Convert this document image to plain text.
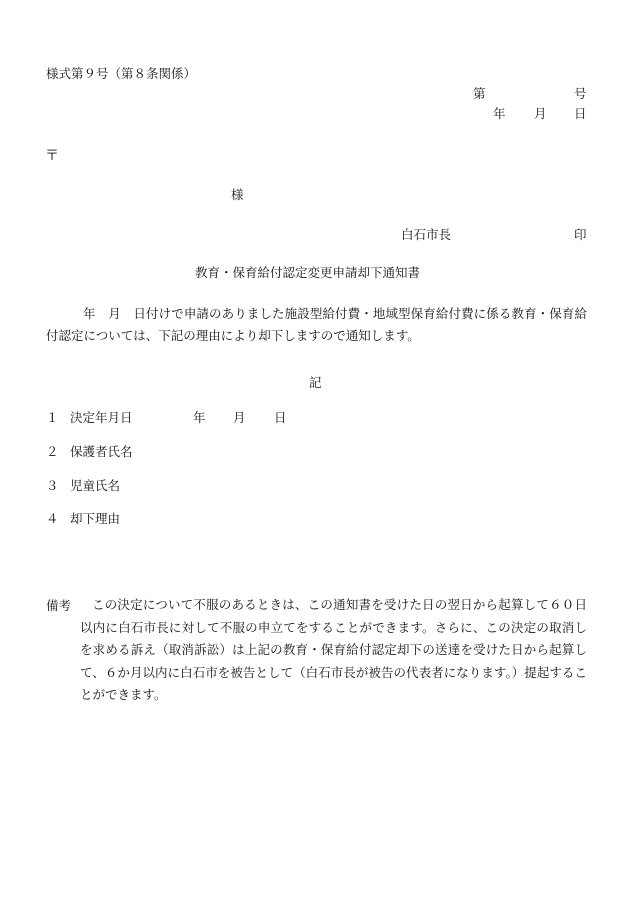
様式第９号（第８条関係）
第	号
年 月 日
〒
様
白石市長	印
教育・保育給付認定変更申請却下通知書
年　月　日付けで申請のありました施設型給付費・地域型保育給付費に係る教育・保育給付認定については、下記の理由により却下しますので通知します。
記
１ 決定年月日	年 月 日
２ 保護者氏名
３ 児童氏名
４ 却下理由
備考	この決定について不服のあるときは、この通知書を受けた日の翌日から起算して６０日以内に白石市長に対して不服の申立てをすることができます。さらに、この決定の取消しを求める訴え（取消訴訟）は上記の教育・保育給付認定却下の送達を受けた日から起算して、６か月以内に白石市を被告として（白石市長が被告の代表者になります。）提起することができます。
